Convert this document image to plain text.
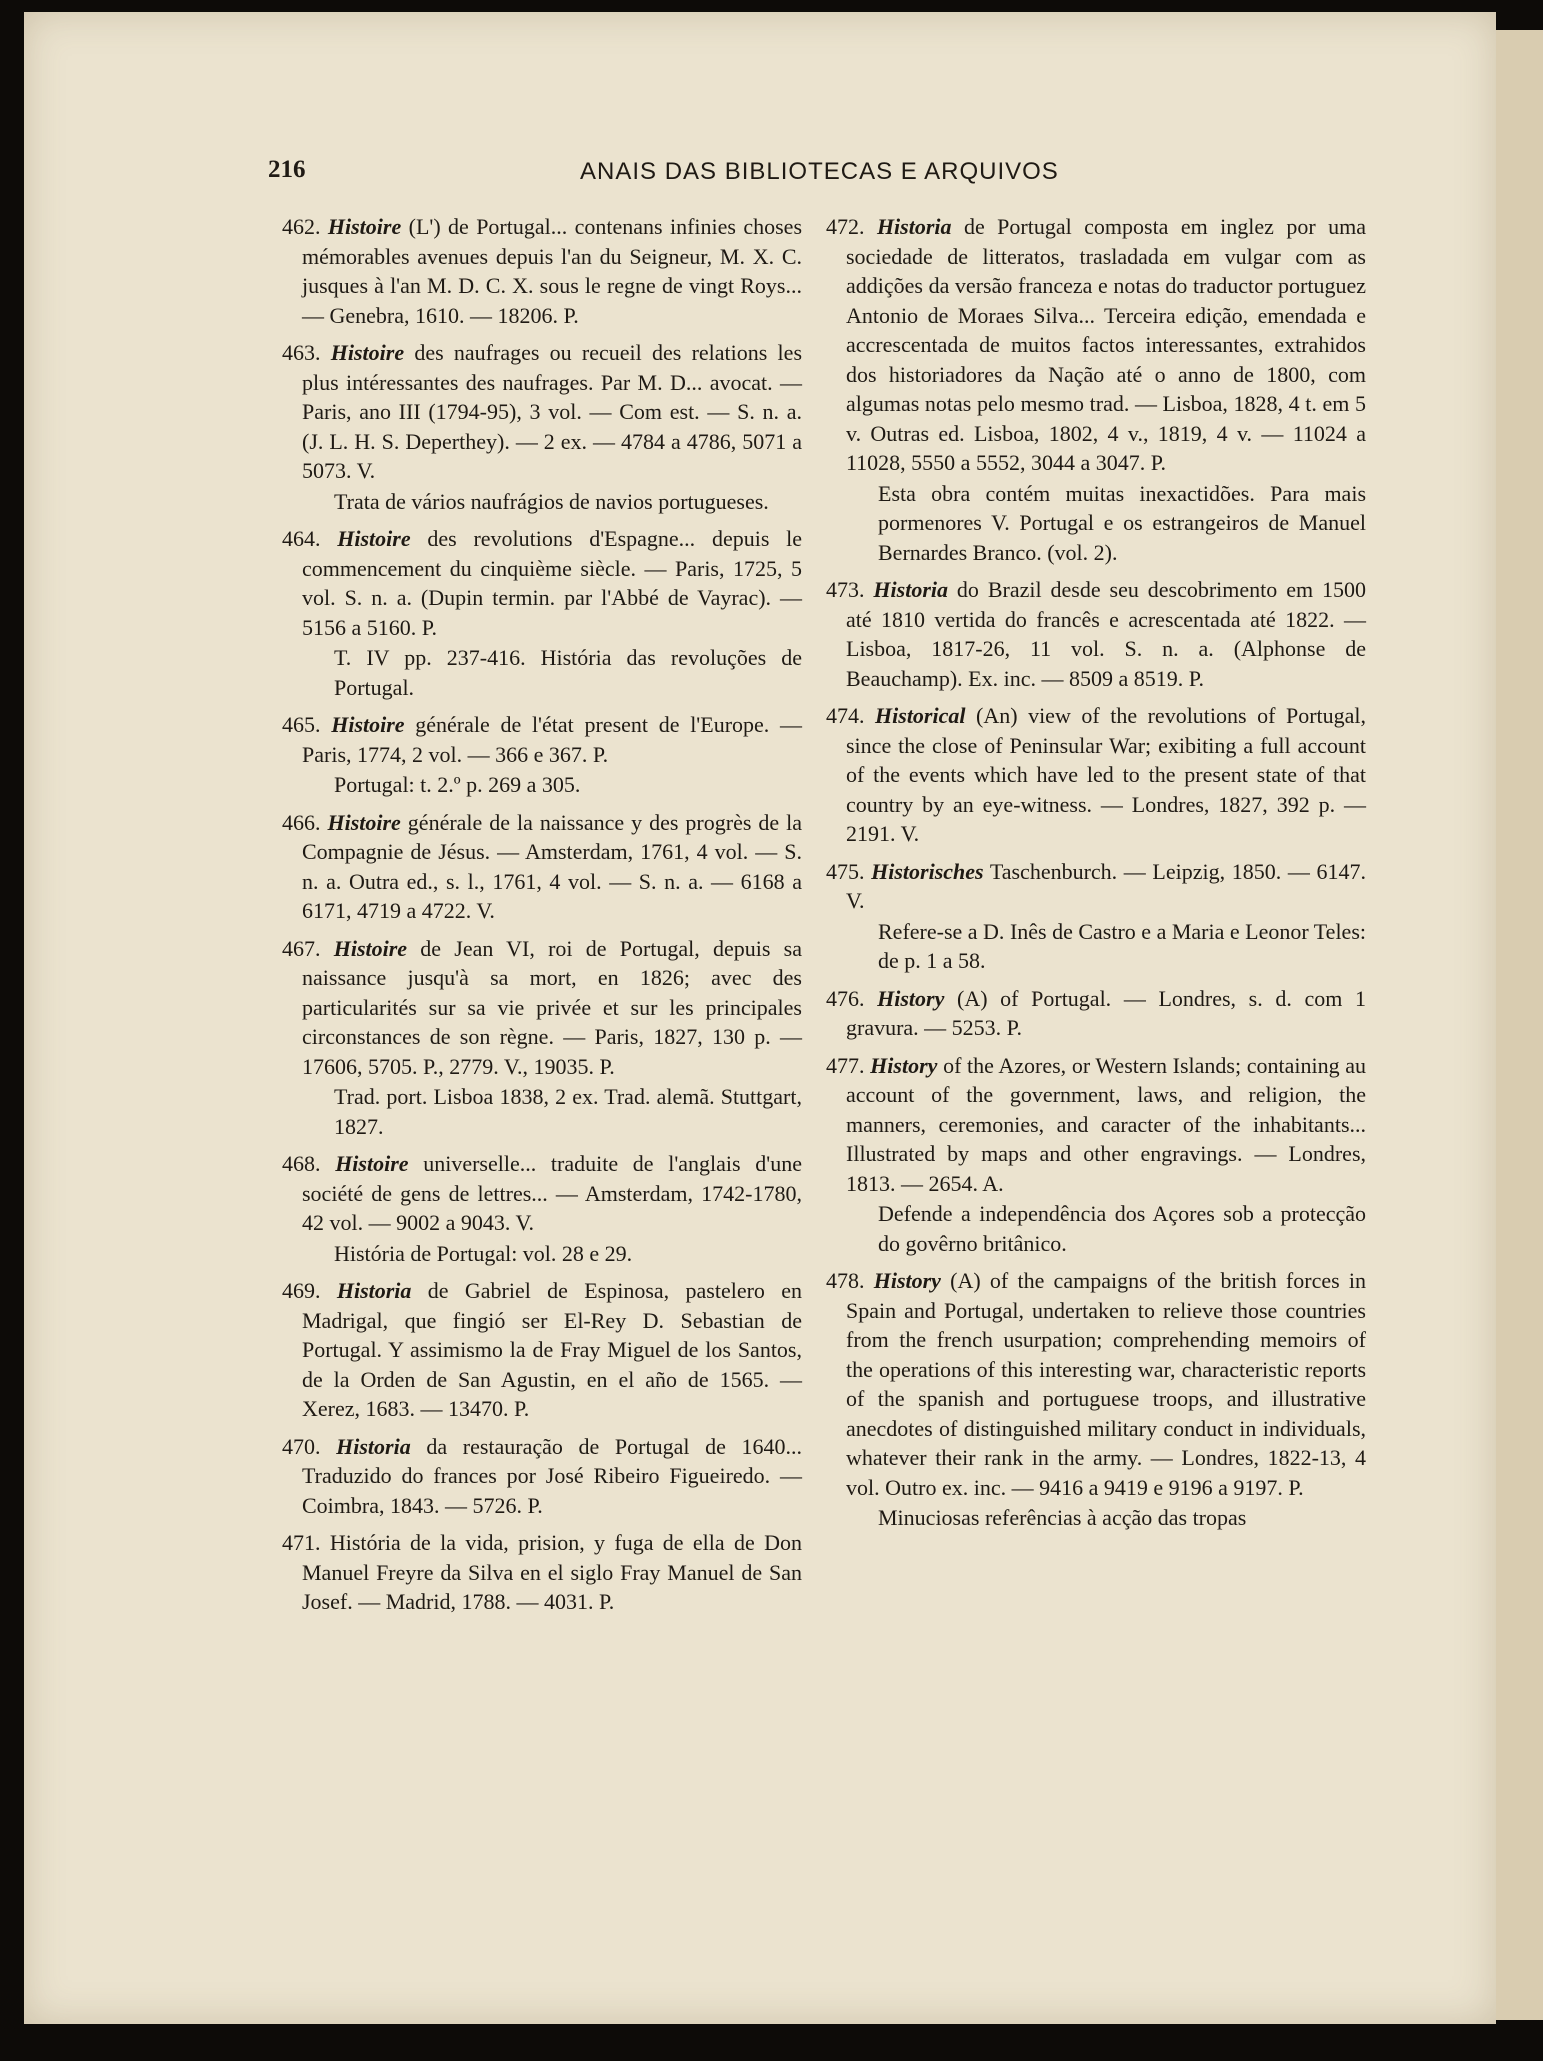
216	ANAIS DAS BIBLIOTECAS E ARQUIVOS
462. Histoire (L') de Portugal... contenans infinies choses mémorables avenues depuis l'an du Seigneur, M. X. C. jusques à l'an M. D. C. X. sous le regne de vingt Roys... — Genebra, 1610. — 18206. P.
463. Histoire des naufrages ou recueil des relations les plus intéressantes des naufrages. Par M. D... avocat. — Paris, ano III (1794-95), 3 vol. — Com est. — S. n. a. (J. L. H. S. Deperthey). — 2 ex. — 4784 a 4786, 5071 a 5073. V.
Trata de vários naufrágios de navios portugueses.
464. Histoire des revolutions d'Espagne... depuis le commencement du cinquième siècle. — Paris, 1725, 5 vol. S. n. a. (Dupin termin. par l'Abbé de Vayrac). — 5156 a 5160. P.
T. IV pp. 237-416. História das revoluções de Portugal.
465. Histoire générale de l'état present de l'Europe. — Paris, 1774, 2 vol. — 366 e 367. P.
Portugal: t. 2.º p. 269 a 305.
466. Histoire générale de la naissance y des progrès de la Compagnie de Jésus. — Amsterdam, 1761, 4 vol. — S. n. a. Outra ed., s. l., 1761, 4 vol. — S. n. a. — 6168 a 6171, 4719 a 4722. V.
467. Histoire de Jean VI, roi de Portugal, depuis sa naissance jusqu'à sa mort, en 1826; avec des particularités sur sa vie privée et sur les principales circonstances de son règne. — Paris, 1827, 130 p. — 17606, 5705. P., 2779. V., 19035. P.
Trad. port. Lisboa 1838, 2 ex. Trad. alemã. Stuttgart, 1827.
468. Histoire universelle... traduite de l'anglais d'une société de gens de lettres... — Amsterdam, 1742-1780, 42 vol. — 9002 a 9043. V.
História de Portugal: vol. 28 e 29.
469. Historia de Gabriel de Espinosa, pastelero en Madrigal, que fingió ser El-Rey D. Sebastian de Portugal. Y assimismo la de Fray Miguel de los Santos, de la Orden de San Agustin, en el año de 1565. — Xerez, 1683. — 13470. P.
470. Historia da restauração de Portugal de 1640... Traduzido do frances por José Ribeiro Figueiredo. — Coimbra, 1843. — 5726. P.
471. História de la vida, prision, y fuga de ella de Don Manuel Freyre da Silva en el siglo Fray Manuel de San Josef. — Madrid, 1788. — 4031. P.
472. Historia de Portugal composta em inglez por uma sociedade de litteratos, trasladada em vulgar com as addições da versão franceza e notas do traductor portuguez Antonio de Moraes Silva... Terceira edição, emendada e accrescentada de muitos factos interessantes, extrahidos dos historiadores da Nação até o anno de 1800, com algumas notas pelo mesmo trad. — Lisboa, 1828, 4 t. em 5 v. Outras ed. Lisboa, 1802, 4 v., 1819, 4 v. — 11024 a 11028, 5550 a 5552, 3044 a 3047. P.
Esta obra contém muitas inexactidões. Para mais pormenores V. Portugal e os estrangeiros de Manuel Bernardes Branco. (vol. 2).
473. Historia do Brazil desde seu descobrimento em 1500 até 1810 vertida do francês e acrescentada até 1822. — Lisboa, 1817-26, 11 vol. S. n. a. (Alphonse de Beauchamp). Ex. inc. — 8509 a 8519. P.
474. Historical (An) view of the revolutions of Portugal, since the close of Peninsular War; exibiting a full account of the events which have led to the present state of that country by an eye-witness. — Londres, 1827, 392 p. — 2191. V.
475. Historisches Taschenburch. — Leipzig, 1850. — 6147. V.
Refere-se a D. Inês de Castro e a Maria e Leonor Teles: de p. 1 a 58.
476. History (A) of Portugal. — Londres, s. d. com 1 gravura. — 5253. P.
477. History of the Azores, or Western Islands; containing au account of the government, laws, and religion, the manners, ceremonies, and caracter of the inhabitants... Illustrated by maps and other engravings. — Londres, 1813. — 2654. A.
Defende a independência dos Açores sob a protecção do govêrno britânico.
478. History (A) of the campaigns of the british forces in Spain and Portugal, undertaken to relieve those countries from the french usurpation; comprehending memoirs of the operations of this interesting war, characteristic reports of the spanish and portuguese troops, and illustrative anecdotes of distinguished military conduct in individuals, whatever their rank in the army. — Londres, 1822-13, 4 vol. Outro ex. inc. — 9416 a 9419 e 9196 a 9197. P.
Minuciosas referências à acção das tropas
